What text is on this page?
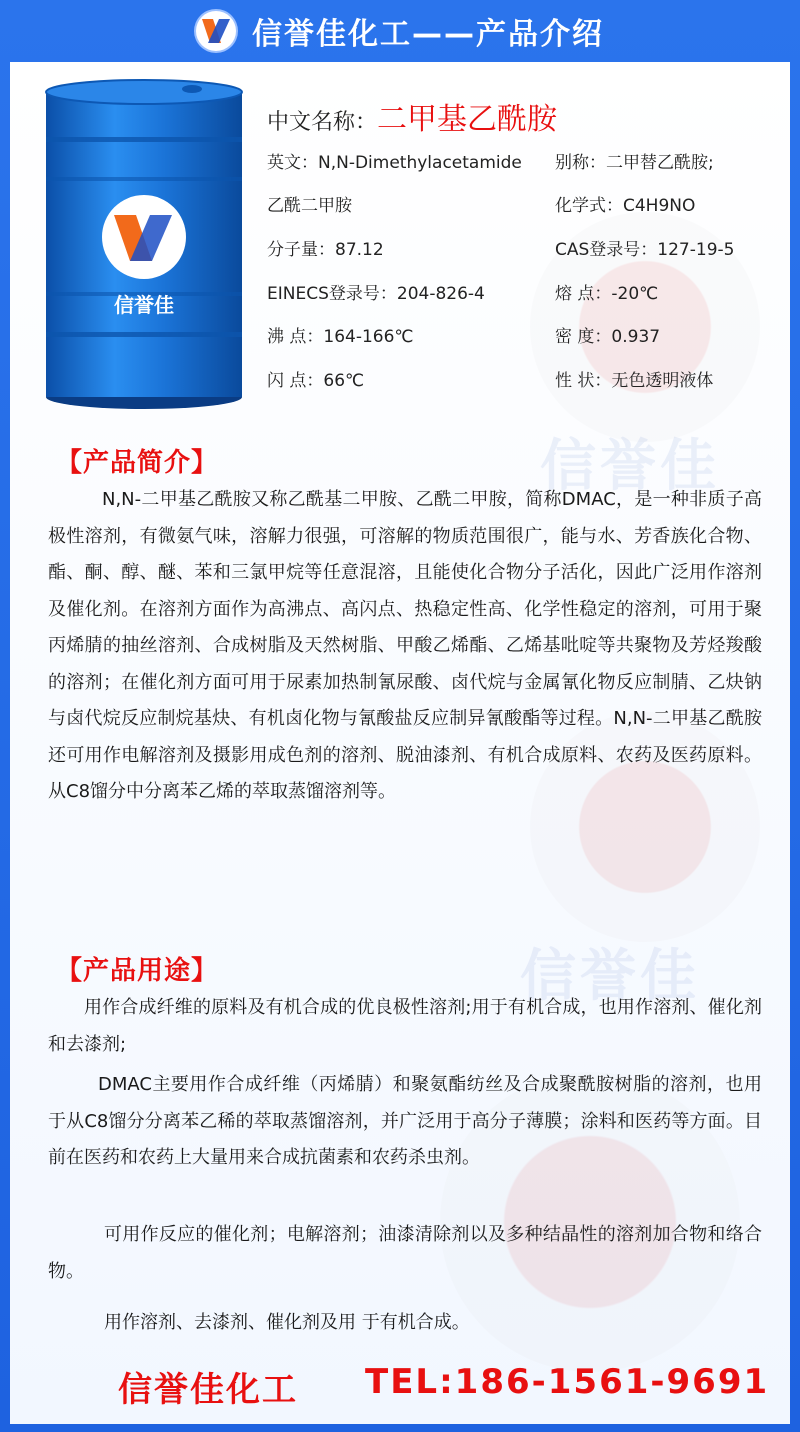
信誉佳化工——产品介绍
信誉佳
信誉佳
信誉佳
中文名称：二甲基乙酰胺
英文：N,N-Dimethylacetamide 别称：二甲替乙酰胺;
乙酰二甲胺	化学式：C4H9NO
分子量：87.12	CAS登录号：127-19-5
EINECS登录号：204-826-4	熔 点：-20℃
沸 点：164-166℃	密 度：0.937
闪 点：66℃	性 状：无色透明液体
【产品简介】
N,N-二甲基乙酰胺又称乙酰基二甲胺、乙酰二甲胺，简称DMAC，是一种非质子高极性溶剂，有微氨气味，溶解力很强，可溶解的物质范围很广，能与水、芳香族化合物、酯、酮、醇、醚、苯和三氯甲烷等任意混溶，且能使化合物分子活化，因此广泛用作溶剂及催化剂。在溶剂方面作为高沸点、高闪点、热稳定性高、化学性稳定的溶剂，可用于聚丙烯腈的抽丝溶剂、合成树脂及天然树脂、甲酸乙烯酯、乙烯基吡啶等共聚物及芳烃羧酸的溶剂；在催化剂方面可用于尿素加热制氰尿酸、卤代烷与金属氰化物反应制腈、乙炔钠与卤代烷反应制烷基炔、有机卤化物与氰酸盐反应制异氰酸酯等过程。N,N-二甲基乙酰胺还可用作电解溶剂及摄影用成色剂的溶剂、脱油漆剂、有机合成原料、农药及医药原料。从C8馏分中分离苯乙烯的萃取蒸馏溶剂等。
【产品用途】
用作合成纤维的原料及有机合成的优良极性溶剂;用于有机合成，也用作溶剂、催化剂和去漆剂;
DMAC主要用作合成纤维（丙烯腈）和聚氨酯纺丝及合成聚酰胺树脂的溶剂，也用于从C8馏分分离苯乙稀的萃取蒸馏溶剂，并广泛用于高分子薄膜；涂料和医药等方面。目前在医药和农药上大量用来合成抗菌素和农药杀虫剂。
可用作反应的催化剂；电解溶剂；油漆清除剂以及多种结晶性的溶剂加合物和络合物。
用作溶剂、去漆剂、催化剂及用 于有机合成。
信誉佳化工 TEL:186-1561-9691
